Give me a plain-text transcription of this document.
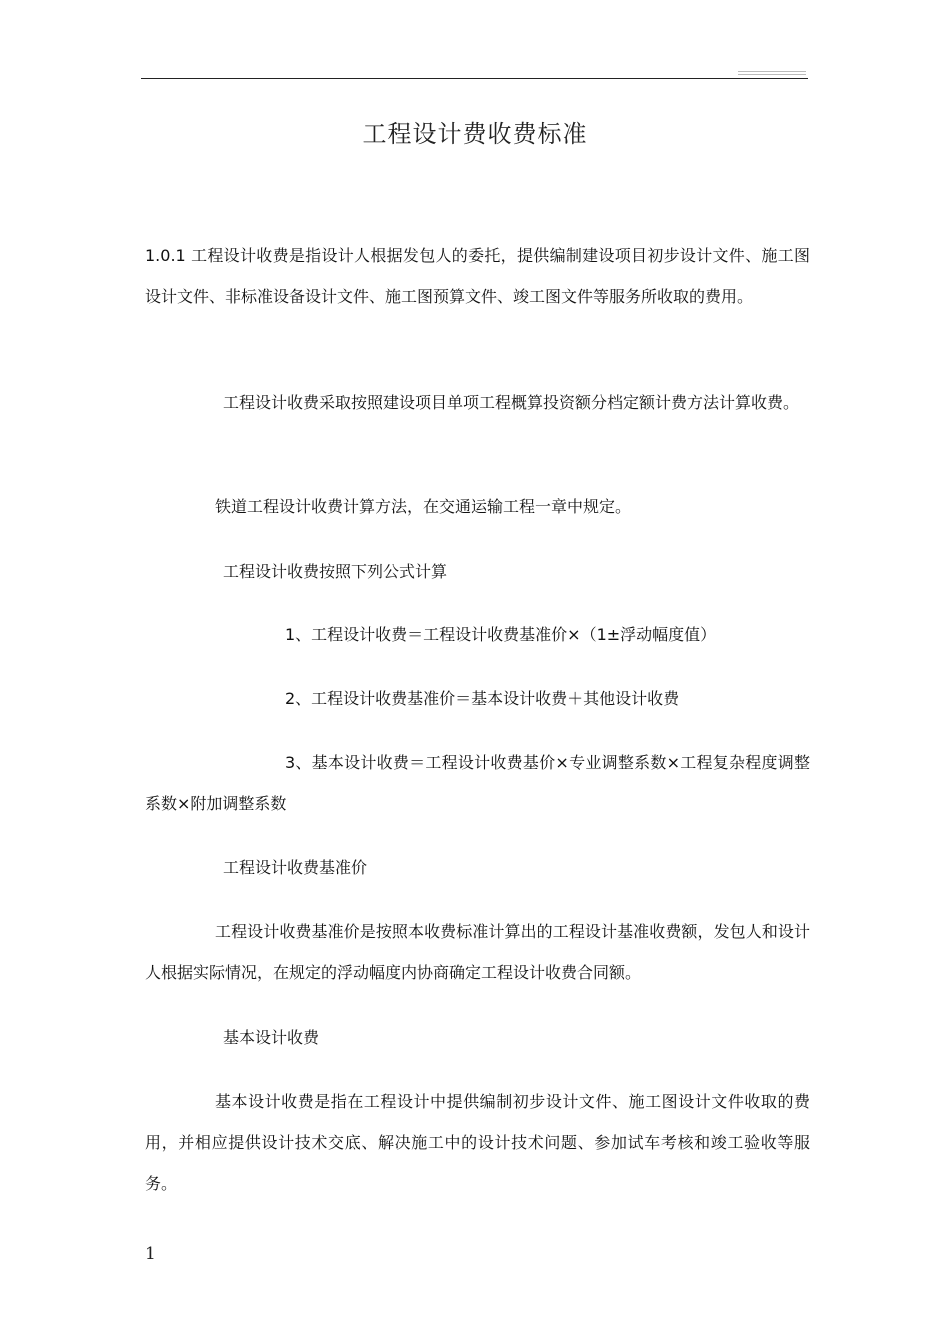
工程设计费收费标准

1.0.1 工程设计收费是指设计人根据发包人的委托，提供编制建设项目初步设计文件、施工图设计文件、非标准设备设计文件、施工图预算文件、竣工图文件等服务所收取的费用。

工程设计收费采取按照建设项目单项工程概算投资额分档定额计费方法计算收费。

铁道工程设计收费计算方法，在交通运输工程一章中规定。

工程设计收费按照下列公式计算

1、工程设计收费＝工程设计收费基准价×（1±浮动幅度值）

2、工程设计收费基准价＝基本设计收费＋其他设计收费

3、基本设计收费＝工程设计收费基价×专业调整系数×工程复杂程度调整系数×附加调整系数

工程设计收费基准价

工程设计收费基准价是按照本收费标准计算出的工程设计基准收费额，发包人和设计人根据实际情况，在规定的浮动幅度内协商确定工程设计收费合同额。

基本设计收费

基本设计收费是指在工程设计中提供编制初步设计文件、施工图设计文件收取的费用，并相应提供设计技术交底、解决施工中的设计技术问题、参加试车考核和竣工验收等服务。

1
